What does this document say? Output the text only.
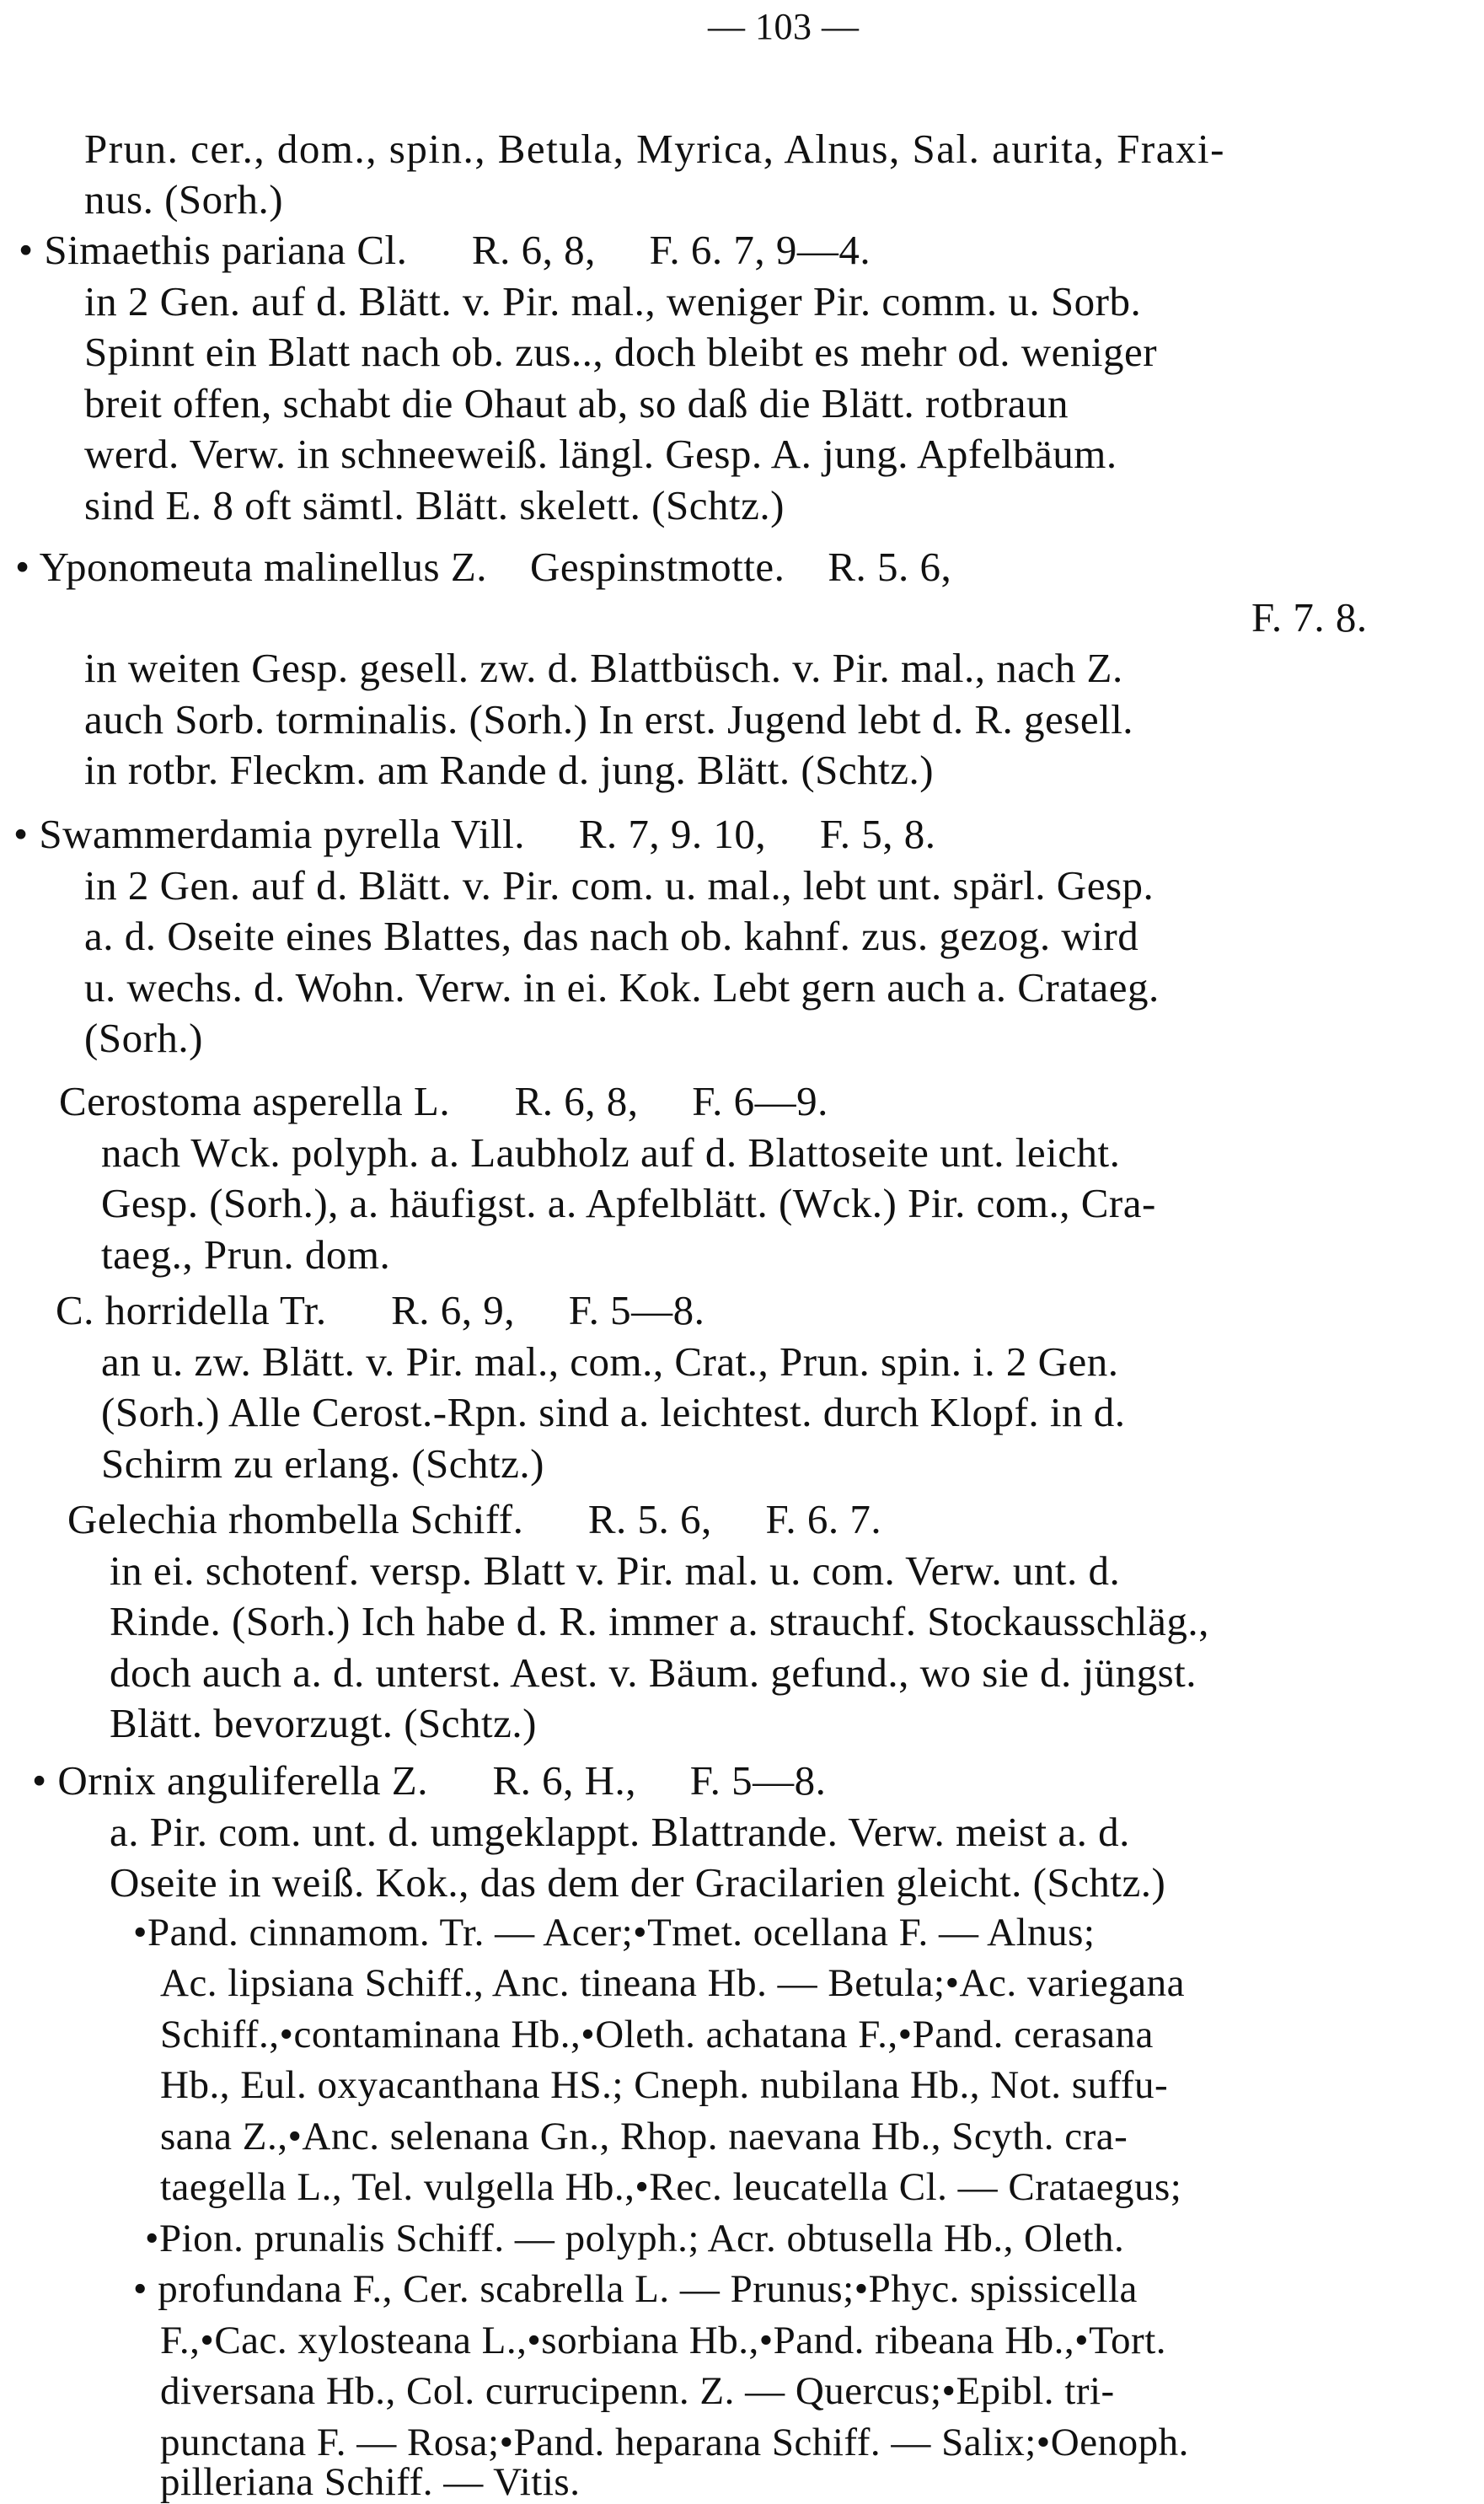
— 103 —
Prun. cer., dom., spin., Betula, Myrica, Alnus, Sal. aurita, Fraxi-
nus. (Sorh.)
• Simaethis pariana Cl.      R. 6, 8,     F. 6. 7, 9—4.
in 2 Gen. auf d. Blätt. v. Pir. mal., weniger Pir. comm. u. Sorb.
Spinnt ein Blatt nach ob. zus.., doch bleibt es mehr od. weniger
breit offen, schabt die Ohaut ab, so daß die Blätt. rotbraun
werd. Verw. in schneeweiß. längl. Gesp. A. jung. Apfelbäum.
sind E. 8 oft sämtl. Blätt. skelett. (Schtz.)
• Yponomeuta malinellus Z.    Gespinstmotte.    R. 5. 6,
F. 7. 8.
in weiten Gesp. gesell. zw. d. Blattbüsch. v. Pir. mal., nach Z.
auch Sorb. torminalis. (Sorh.) In erst. Jugend lebt d. R. gesell.
in rotbr. Fleckm. am Rande d. jung. Blätt. (Schtz.)
• Swammerdamia pyrella Vill.     R. 7, 9. 10,     F. 5, 8.
in 2 Gen. auf d. Blätt. v. Pir. com. u. mal., lebt unt. spärl. Gesp.
a. d. Oseite eines Blattes, das nach ob. kahnf. zus. gezog. wird
u. wechs. d. Wohn. Verw. in ei. Kok. Lebt gern auch a. Crataeg.
(Sorh.)
Cerostoma asperella L.      R. 6, 8,     F. 6—9.
nach Wck. polyph. a. Laubholz auf d. Blattoseite unt. leicht.
Gesp. (Sorh.), a. häufigst. a. Apfelblätt. (Wck.) Pir. com., Cra-
taeg., Prun. dom.
C. horridella Tr.      R. 6, 9,     F. 5—8.
an u. zw. Blätt. v. Pir. mal., com., Crat., Prun. spin. i. 2 Gen.
(Sorh.) Alle Cerost.-Rpn. sind a. leichtest. durch Klopf. in d.
Schirm zu erlang. (Schtz.)
Gelechia rhombella Schiff.      R. 5. 6,     F. 6. 7.
in ei. schotenf. versp. Blatt v. Pir. mal. u. com. Verw. unt. d.
Rinde. (Sorh.) Ich habe d. R. immer a. strauchf. Stockausschläg.,
doch auch a. d. unterst. Aest. v. Bäum. gefund., wo sie d. jüngst.
Blätt. bevorzugt. (Schtz.)
• Ornix anguliferella Z.      R. 6, H.,     F. 5—8.
a. Pir. com. unt. d. umgeklappt. Blattrande. Verw. meist a. d.
Oseite in weiß. Kok., das dem der Gracilarien gleicht. (Schtz.)
•Pand. cinnamom. Tr. — Acer;•Tmet. ocellana F. — Alnus;
Ac. lipsiana Schiff., Anc. tineana Hb. — Betula;•Ac. variegana
Schiff.,•contaminana Hb.,•Oleth. achatana F.,•Pand. cerasana
Hb., Eul. oxyacanthana HS.; Cneph. nubilana Hb., Not. suffu-
sana Z.,•Anc. selenana Gn., Rhop. naevana Hb., Scyth. cra-
taegella L., Tel. vulgella Hb.,•Rec. leucatella Cl. — Crataegus;
•Pion. prunalis Schiff. — polyph.; Acr. obtusella Hb., Oleth.
• profundana F., Cer. scabrella L. — Prunus;•Phyc. spissicella
F.,•Cac. xylosteana L.,•sorbiana Hb.,•Pand. ribeana Hb.,•Tort.
diversana Hb., Col. currucipenn. Z. — Quercus;•Epibl. tri-
punctana F. — Rosa;•Pand. heparana Schiff. — Salix;•Oenoph.
pilleriana Schiff. — Vitis.
